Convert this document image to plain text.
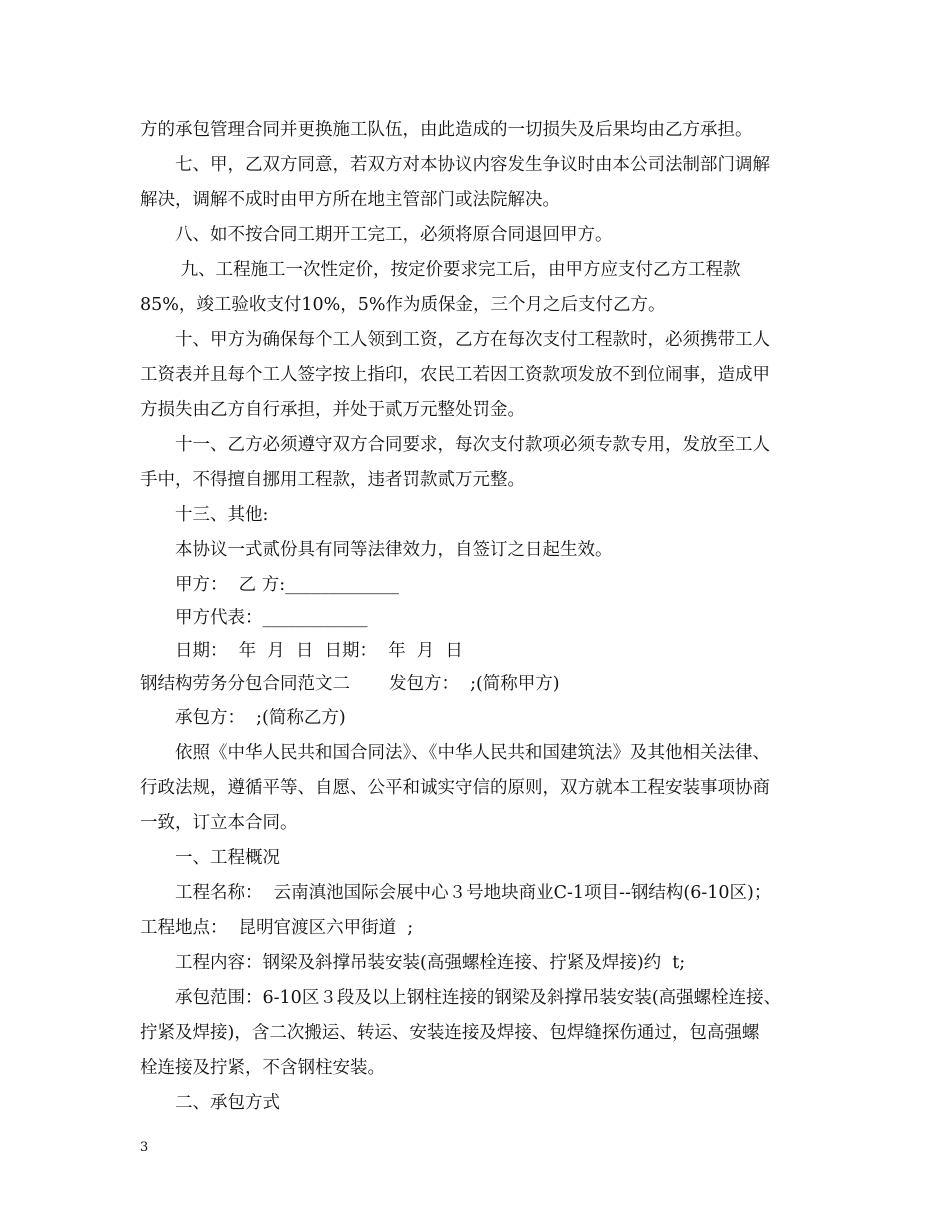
方的承包管理合同并更换施工队伍，由此造成的一切损失及后果均由乙方承担。
七、甲，乙双方同意，若双方对本协议内容发生争议时由本公司法制部门调解
解决，调解不成时由甲方所在地主管部门或法院解决。
八、如不按合同工期开工完工，必须将原合同退回甲方。
九、工程施工一次性定价，按定价要求完工后，由甲方应支付乙方工程款
85%，竣工验收支付10%，5%作为质保金，三个月之后支付乙方。
十、甲方为确保每个工人领到工资，乙方在每次支付工程款时，必须携带工人
工资表并且每个工人签字按上指印，农民工若因工资款项发放不到位闹事，造成甲
方损失由乙方自行承担，并处于贰万元整处罚金。
十一、乙方必须遵守双方合同要求，每次支付款项必须专款专用，发放至工人
手中，不得擅自挪用工程款，违者罚款贰万元整。
十三、其他:
本协议一式贰份具有同等法律效力，自签订之日起生效。
甲方：  乙 方:_____________
甲方代表：____________
日期：  年  月  日  日期：  年  月  日
钢结构劳务分包合同范文二       发包方：  ;(简称甲方)
承包方：  ;(简称乙方)
依照《中华人民共和国合同法》、《中华人民共和国建筑法》及其他相关法律、
行政法规，遵循平等、自愿、公平和诚实守信的原则，双方就本工程安装事项协商
一致，订立本合同。
一、工程概况
工程名称：  云南滇池国际会展中心３号地块商业C-1项目--钢结构(6-10区)；
工程地点：  昆明官渡区六甲街道  ;
工程内容：钢梁及斜撑吊装安装(高强螺栓连接、拧紧及焊接)约  t;
承包范围：6-10区３段及以上钢柱连接的钢梁及斜撑吊装安装(高强螺栓连接、
拧紧及焊接)，含二次搬运、转运、安装连接及焊接、包焊缝探伤通过，包高强螺
栓连接及拧紧，不含钢柱安装。
二、承包方式
3
